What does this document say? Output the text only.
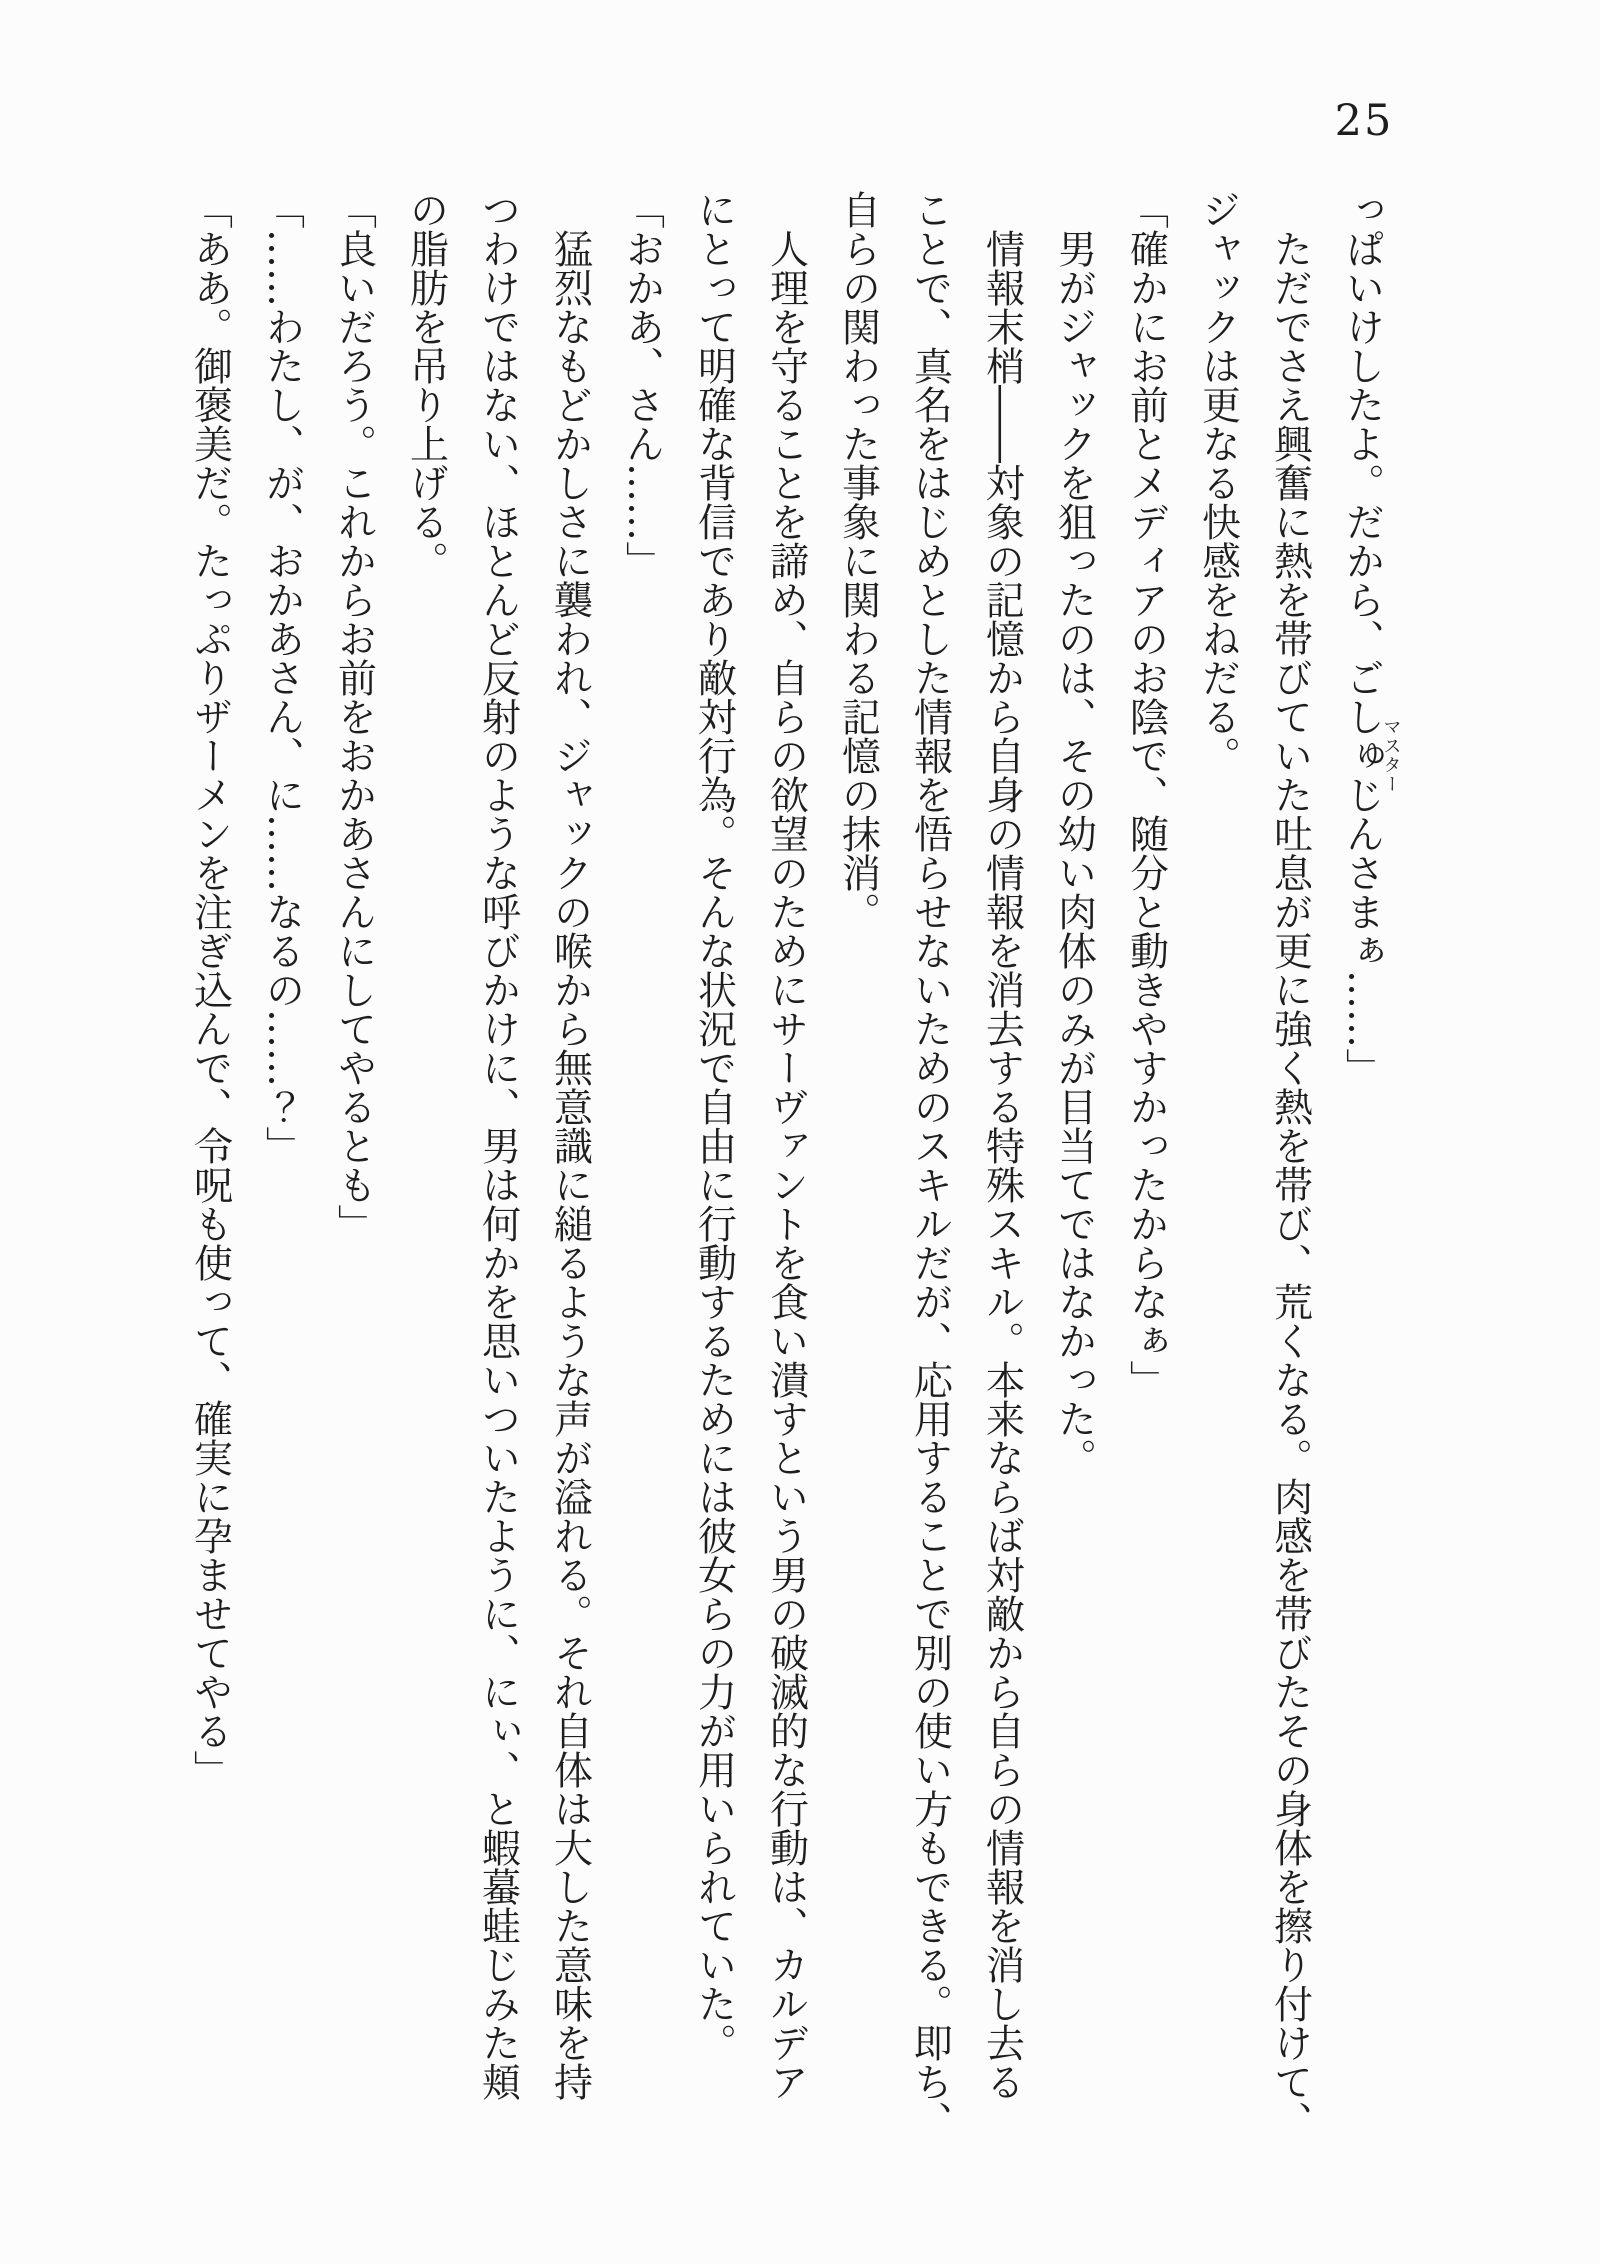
25
っぱいけしたよ。だから、ごしゅじんマスターさまぁ……」
ただでさえ興奮に熱を帯びていた吐息が更に強く熱を帯び、荒くなる。肉感を帯びたその身体を擦り付けて、
ジャックは更なる快感をねだる。
「確かにお前とメディアのお陰で、随分と動きやすかったからなぁ」
男がジャックを狙ったのは、その幼い肉体のみが目当てではなかった。
情報末梢――対象の記憶から自身の情報を消去する特殊スキル。本来ならば対敵から自らの情報を消し去る
ことで、真名をはじめとした情報を悟らせないためのスキルだが、応用することで別の使い方もできる。即ち、
自らの関わった事象に関わる記憶の抹消。
人理を守ることを諦め、自らの欲望のためにサーヴァントを食い潰すという男の破滅的な行動は、カルデア
にとって明確な背信であり敵対行為。そんな状況で自由に行動するためには彼女らの力が用いられていた。
「おかあ、さん……」
猛烈なもどかしさに襲われ、ジャックの喉から無意識に縋るような声が溢れる。それ自体は大した意味を持
つわけではない、ほとんど反射のような呼びかけに、男は何かを思いついたように、にぃ、と蝦蟇蛙じみた頬
の脂肪を吊り上げる。
「良いだろう。これからお前をおかあさんにしてやるとも」
「……わたし、が、おかあさん、に……なるの……？」
「ああ。御褒美だ。たっぷりザーメンを注ぎ込んで、令呪も使って、確実に孕ませてやる」
